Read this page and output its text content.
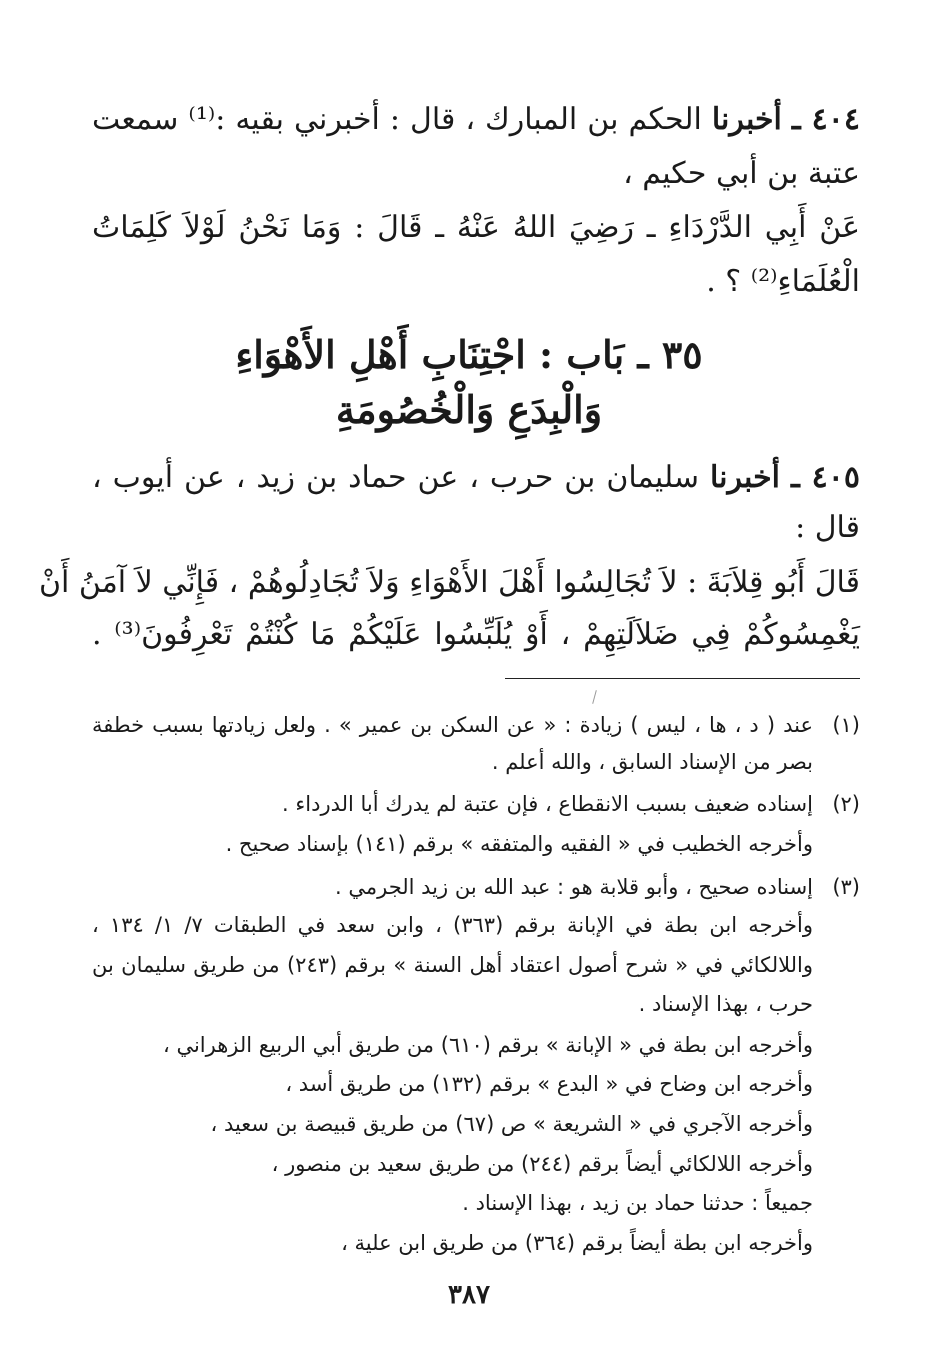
٤٠٤ ـ أخبرنا الحكم بن المبارك ، قال : أخبرني بقيه :⁽¹⁾ سمعت
عتبة بن أبي حكيم ،
عَنْ أَبِي الدَّرْدَاءِ ـ رَضِيَ اللهُ عَنْهُ ـ قَالَ : وَمَا نَحْنُ لَوْلاَ كَلِمَاتُ
الْعُلَمَاءِ⁽²⁾ ؟ .
٣٥ ـ بَاب : اجْتِنَابِ أَهْلِ الأَهْوَاءِ
وَالْبِدَعِ وَالْخُصُومَةِ
٤٠٥ ـ أخبرنا سليمان بن حرب ، عن حماد بن زيد ، عن أيوب ،
قال :
قَالَ أَبُو قِلاَبَةَ : لاَ تُجَالِسُوا أَهْلَ الأَهْوَاءِ وَلاَ تُجَادِلُوهُمْ ، فَإِنِّي لاَ آمَنُ أَنْ
يَغْمِسُوكُمْ فِي ضَلاَلَتِهِمْ ، أَوْ يُلَبِّسُوا عَلَيْكُمْ مَا كُنْتُمْ تَعْرِفُونَ⁽³⁾ .
(١)
عند ( د ، ها ، ليس ) زيادة : « عن السكن بن عمير » . ولعل زيادتها بسبب خطفة
بصر من الإسناد السابق ، والله أعلم .
(٢)
إسناده ضعيف بسبب الانقطاع ، فإن عتبة لم يدرك أبا الدرداء .
وأخرجه الخطيب في « الفقيه والمتفقه » برقم (١٤١) بإسناد صحيح .
(٣)
إسناده صحيح ، وأبو قلابة هو : عبد الله بن زيد الجرمي .
وأخرجه ابن بطة في الإبانة برقم (٣٦٣) ، وابن سعد في الطبقات ٧/ ١/ ١٣٤ ،
واللالكائي في « شرح أصول اعتقاد أهل السنة » برقم (٢٤٣) من طريق سليمان بن
حرب ، بهذا الإسناد .
وأخرجه ابن بطة في « الإبانة » برقم (٦١٠) من طريق أبي الربيع الزهراني ،
وأخرجه ابن وضاح في « البدع » برقم (١٣٢) من طريق أسد ،
وأخرجه الآجري في « الشريعة » ص (٦٧) من طريق قبيصة بن سعيد ،
وأخرجه اللالكائي أيضاً برقم (٢٤٤) من طريق سعيد بن منصور ،
جميعاً : حدثنا حماد بن زيد ، بهذا الإسناد .
وأخرجه ابن بطة أيضاً برقم (٣٦٤) من طريق ابن علية ،
٣٨٧
